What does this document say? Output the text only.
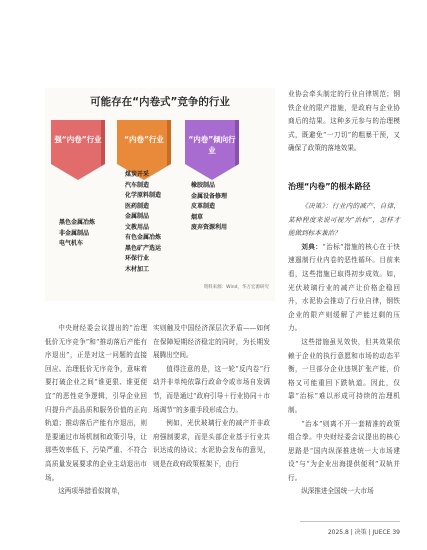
可能存在“内卷式”竞争的行业
强“内卷”行业
黑色金属冶炼
非金属制品
电气机车
“内卷”行业
煤炭开采
汽车制造
化学原料制造
医药制造
金属制品
文教用品
有色金属冶炼
黑色矿产选运
环保行业
木材加工
“内卷”倾向行业
橡胶制品
金属设备修理
皮革制造
烟草
废弃资源利用
资料来源：Wind，华万宏源研究

中央财经委会议提出的“治理低价无序竞争”和“推动落后产能有序退出”，正是对这一问题的直接回应。治理低价无序竞争，意味着要打破企业之间“谁更狠、谁更便宜”的恶性竞争逻辑，引导企业回归提升产品品质和服务价值的正向轨道；推动落后产能有序退出，则是要通过市场机制和政策引导，让那些效率低下、污染严重、不符合高质量发展要求的企业主动退出市场。

这两项举措看似简单，

实则触及中国经济深层次矛盾——如何在保障短期经济稳定的同时，为长期发展腾出空间。

值得注意的是，这一轮“反内卷”行动并非单纯依靠行政命令或市场自发调节，而是通过“政府引导＋行业协同＋市场调节”的多重手段形成合力。

例如，光伏玻璃行业的减产并非政府强制要求，而是头部企业基于行业共识达成的协议；水泥协会发布的意见，则是在政府政策框架下，由行

业协会牵头制定的行业自律规范；钢铁企业的限产措施，是政府与企业协商后的结果。这种多元参与的治理模式，既避免“一刀切”的粗暴干预，又确保了政策的落地效果。

治理“内卷”的根本路径

《决策》：行业内的减产、自律，某种程度来说可视为“治标”，怎样才能做到标本兼治？

刘典：“治标”措施的核心在于快速遏制行业内卷的恶性循环。目前来看，这些措施已取得初步成效。如，光伏玻璃行业的减产让价格企稳回升，水泥协会推动了行业自律，钢铁企业的限产则缓解了产能过剩的压力。

这些措施虽见效快，但其效果依赖于企业的执行意愿和市场的动态平衡，一旦部分企业违规扩张产能，价格又可能重回下跌轨道。因此，仅靠“治标”难以形成可持续的治理机制。

“治本”则离不开一套精准的政策组合拳。中央财经委会议提出的核心思路是“国内纵深推进统一大市场建设”与“为企业出海提供便利”双轨并行。

纵深推进全国统一大市场

2025.8 | 决策 | JUECE 39
